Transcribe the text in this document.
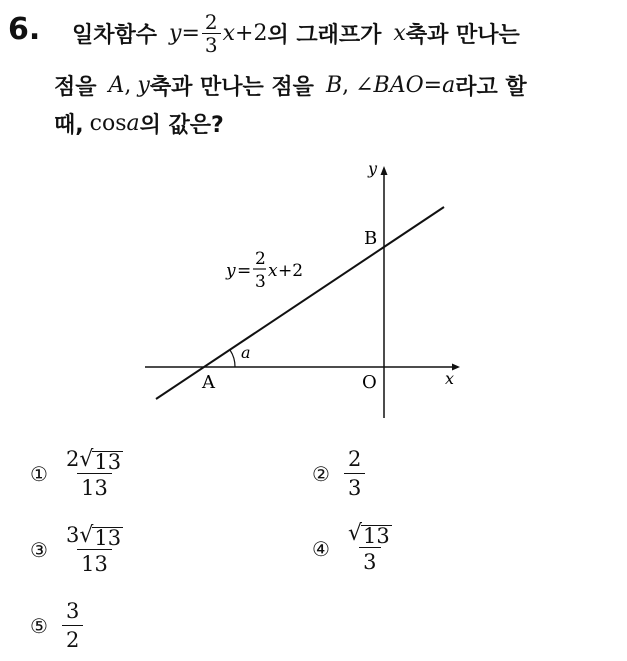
6. 일차함수 $y = \frac{2}{3}$ x +2 의 그래프가 x 축과 만나는
점을 A , y 축과 만나는 점을 B , ∠BAO = a 라고 할
때, cos a 의 값은?
y
x
B
A	O
a
y =
2
3
x +2
① $\frac{2 √ 13}{13}$	② $\frac{2}{3}$
③ $\frac{3 √ 13}{13}$	④ $\frac{√ 13}{3}$
⑤ $\frac{3}{2}$
